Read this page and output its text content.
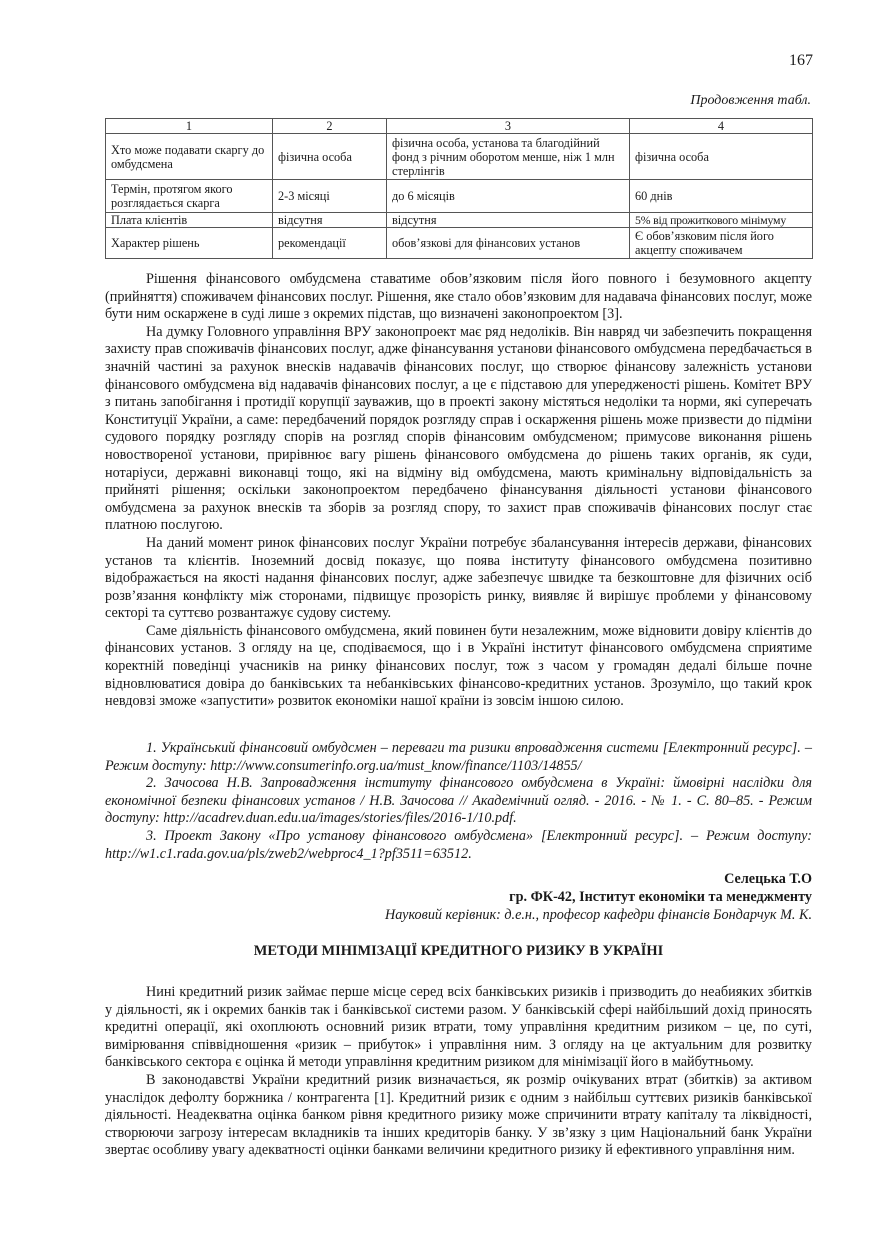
167
Продовження табл.
1	2	3	4
Хто може подавати скаргу до омбудсмена	фізична особа	фізична особа, установа та благодійний фонд з річним оборотом менше, ніж 1 млн стерлінгів	фізична особа
Термін, протягом якого розглядається скарга	2-3 місяці	до 6 місяців	60 днів
Плата клієнтів	відсутня	відсутня	5% від прожиткового мінімуму
Характер рішень	рекомендації	обов’язкові для фінансових установ	Є обов’язковим після його акцепту споживачем

Рішення фінансового омбудсмена ставатиме обов’язковим після його повного і безумовного акцепту (прийняття) споживачем фінансових послуг. Рішення, яке стало обов’язковим для надавача фінансових послуг, може бути ним оскаржене в суді лише з окремих підстав, що визначені законопроектом [3].

На думку Головного управління ВРУ законопроект має ряд недоліків. Він навряд чи забезпечить покращення захисту прав споживачів фінансових послуг, адже фінансування установи фінансового омбудсмена передбачається в значній частині за рахунок внесків надавачів фінансових послуг, що створює фінансову залежність установи фінансового омбудсмена від надавачів фінансових послуг, а це є підставою для упередженості рішень. Комітет ВРУ з питань запобігання і протидії корупції зауважив, що в проекті закону містяться недоліки та норми, які суперечать Конституції України, а саме: передбачений порядок розгляду справ і оскарження рішень може призвести до підміни судового порядку розгляду спорів на розгляд спорів фінансовим омбудсменом; примусове виконання рішень новоствореної установи, прирівнює вагу рішень фінансового омбудсмена до рішень таких органів, як суди, нотаріуси, державні виконавці тощо, які на відміну від омбудсмена, мають кримінальну відповідальність за прийняті рішення; оскільки законопроектом передбачено фінансування діяльності установи фінансового омбудсмена за рахунок внесків та зборів за розгляд спору, то захист прав споживачів фінансових послуг стає платною послугою.

На даний момент ринок фінансових послуг України потребує збалансування інтересів держави, фінансових установ та клієнтів. Іноземний досвід показує, що поява інституту фінансового омбудсмена позитивно відображається на якості надання фінансових послуг, адже забезпечує швидке та безкоштовне для фізичних осіб розв’язання конфлікту між сторонами, підвищує прозорість ринку, виявляє й вирішує проблеми у фінансовому секторі та суттєво розвантажує судову систему.

Саме діяльність фінансового омбудсмена, який повинен бути незалежним, може відновити довіру клієнтів до фінансових установ. З огляду на це, сподіваємося, що і в Україні інститут фінансового омбудсмена сприятиме коректній поведінці учасників на ринку фінансових послуг, тож з часом у громадян дедалі більше почне відновлюватися довіра до банківських та небанківських фінансово-кредитних установ. Зрозуміло, що такий крок невдовзі зможе «запустити» розвиток економіки нашої країни із зовсім іншою силою.

1. Український фінансовий омбудсмен – переваги та ризики впровадження системи [Електронний ресурс]. – Режим доступу: http://www.consumerinfo.org.ua/must_know/finance/1103/14855/

2. Зачосова Н.В. Запровадження інституту фінансового омбудсмена в Україні: ймовірні наслідки для економічної безпеки фінансових установ / Н.В. Зачосова // Академічний огляд. - 2016. - № 1. - С. 80–85. - Режим доступу: http://acadrev.duan.edu.ua/images/stories/files/2016-1/10.pdf.

3. Проект Закону «Про установу фінансового омбудсмена» [Електронний ресурс]. – Режим доступу: http://w1.c1.rada.gov.ua/pls/zweb2/webproc4_1?pf3511=63512.

Селецька Т.О
гр. ФК-42, Інститут економіки та менеджменту
Науковий керівник: д.е.н., професор кафедри фінансів Бондарчук М. К.
МЕТОДИ МІНІМІЗАЦІЇ КРЕДИТНОГО РИЗИКУ В УКРАЇНІ

Нині кредитний ризик займає перше місце серед всіх банківських ризиків і призводить до неабияких збитків у діяльності, як і окремих банків так і банківської системи разом. У банківській сфері найбільший дохід приносять кредитні операції, які охоплюють основний ризик втрати, тому управління кредитним ризиком – це, по суті, вимірювання співвідношення «ризик – прибуток» і управління ним. З огляду на це актуальним для розвитку банківського сектора є оцінка й методи управління кредитним ризиком для мінімізації його в майбутньому.

В законодавстві України кредитний ризик визначається, як розмір очікуваних втрат (збитків) за активом унаслідок дефолту боржника / контрагента [1]. Кредитний ризик є одним з найбільш суттєвих ризиків банківської діяльності. Неадекватна оцінка банком рівня кредитного ризику може спричинити втрату капіталу та ліквідності, створюючи загрозу інтересам вкладників та інших кредиторів банку. У зв’язку з цим Національний банк України звертає особливу увагу адекватності оцінки банками величини кредитного ризику й ефективного управління ним.
